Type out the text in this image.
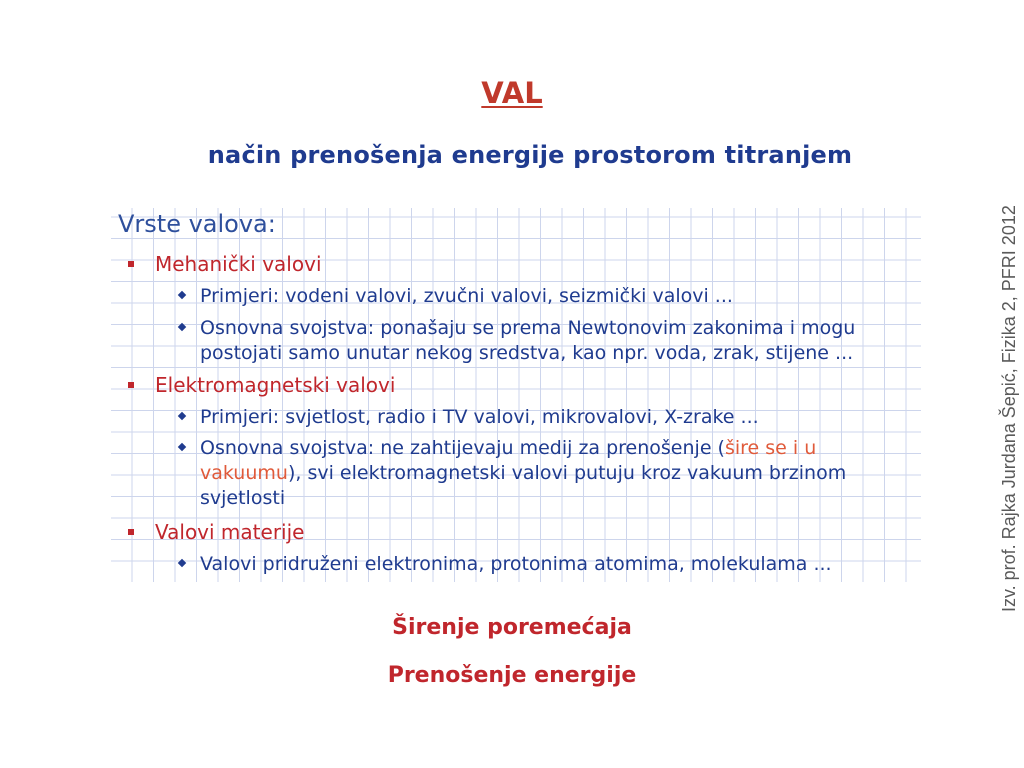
VAL
način prenošenja energije prostorom titranjem
Izv. prof. Rajka Jurdana Šepić, Fizika 2, PFRI 2012
Vrste valova:
Mehanički valovi
Primjeri: vodeni valovi, zvučni valovi, seizmički valovi ...
Osnovna svojstva: ponašaju se prema Newtonovim zakonima i mogu postojati samo unutar nekog sredstva, kao npr. voda, zrak, stijene ...
Elektromagnetski valovi
Primjeri: svjetlost, radio i TV valovi, mikrovalovi, X-zrake ...
Osnovna svojstva: ne zahtijevaju medij za prenošenje (šire se i u vakuumu), svi elektromagnetski valovi putuju kroz vakuum brzinom svjetlosti
Valovi materije
Valovi pridruženi elektronima, protonima atomima, molekulama ...
Širenje poremećaja
Prenošenje energije
